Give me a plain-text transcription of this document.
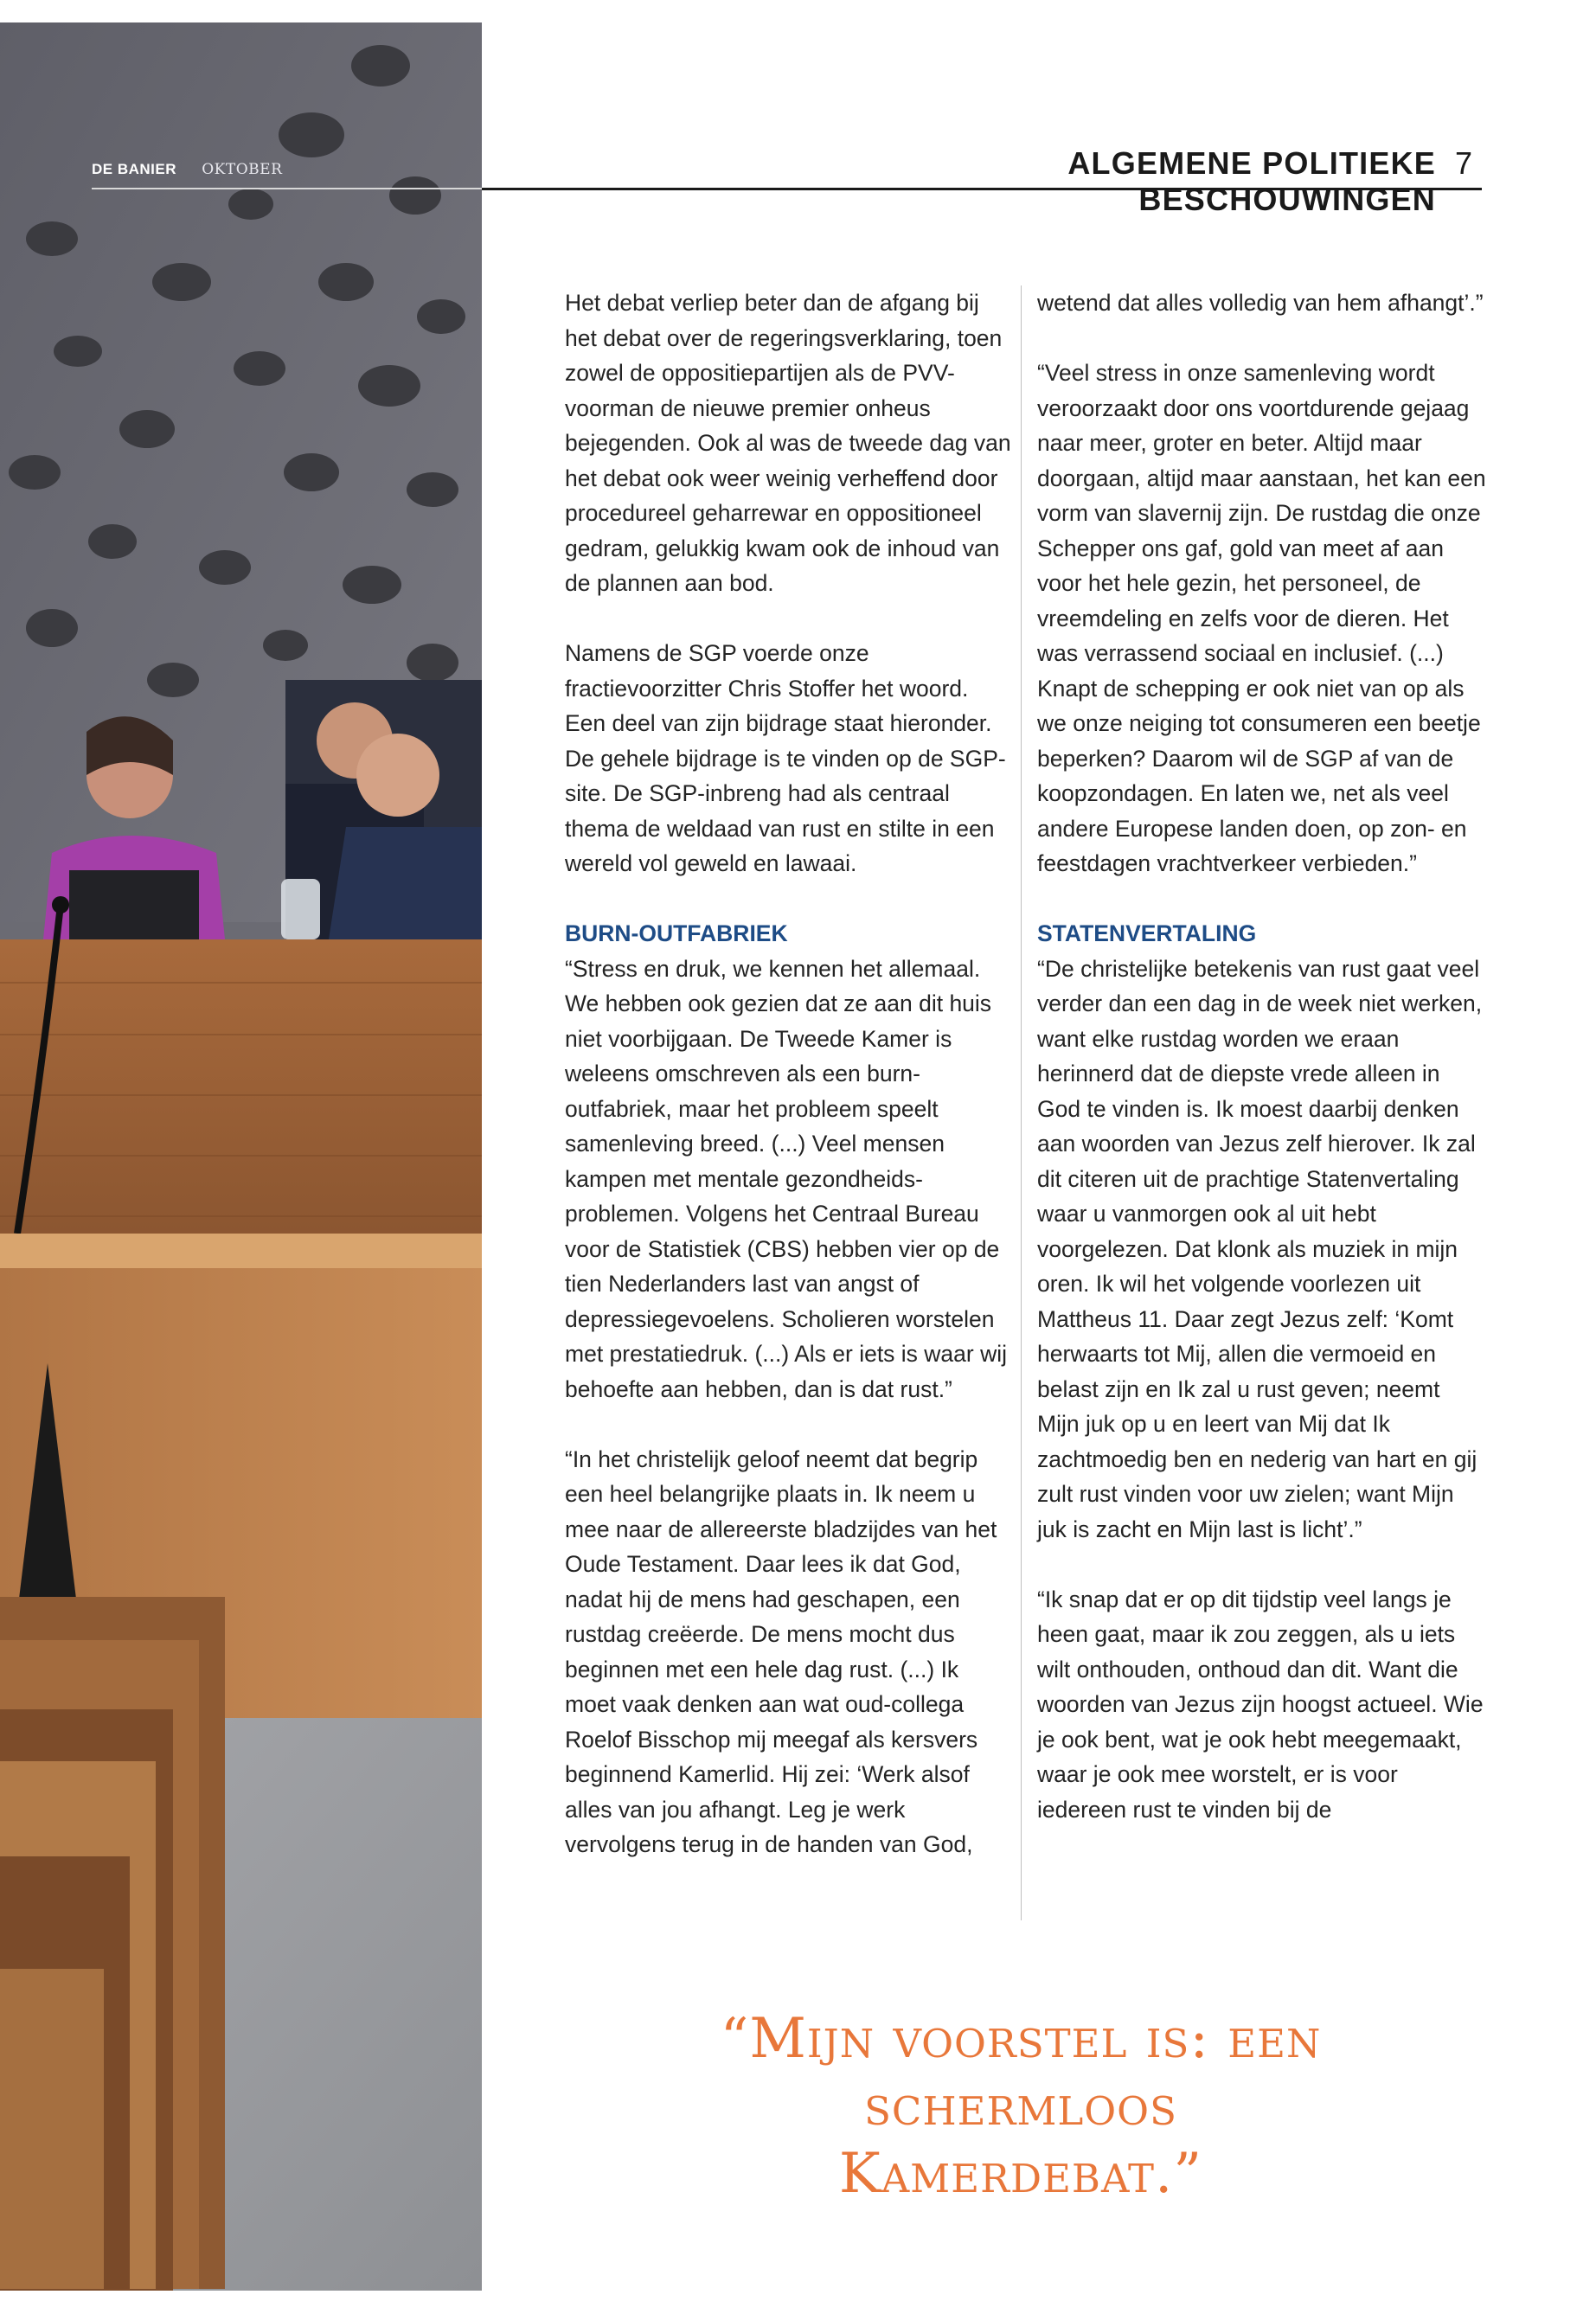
DE BANIER OKTOBER	ALGEMENE POLITIEKE BESCHOUWINGEN
7

Het debat verliep beter dan de afgang bij het debat over de regeringsverklaring, toen zowel de oppositiepartijen als de PVV-voorman de nieuwe premier onheus bejegenden. Ook al was de tweede dag van het debat ook weer weinig verheffend door procedureel geharrewar en oppositioneel gedram, gelukkig kwam ook de inhoud van de plannen aan bod.

Namens de SGP voerde onze fractievoorzitter Chris Stoffer het woord. Een deel van zijn bijdrage staat hieronder. De gehele bijdrage is te vinden op de SGP-site. De SGP-inbreng had als centraal thema de weldaad van rust en stilte in een wereld vol geweld en lawaai.

BURN-OUTFABRIEK

“Stress en druk, we kennen het allemaal. We hebben ook gezien dat ze aan dit huis niet voorbijgaan. De Tweede Kamer is weleens omschreven als een burn-outfabriek, maar het probleem speelt samenleving breed. (...) Veel mensen kampen met mentale gezondheids-problemen. Volgens het Centraal Bureau voor de Statistiek (CBS) hebben vier op de tien Nederlanders last van angst of depressiegevoelens. Scholieren worstelen met prestatiedruk. (...) Als er iets is waar wij behoefte aan hebben, dan is dat rust.”

“In het christelijk geloof neemt dat begrip een heel belangrijke plaats in. Ik neem u mee naar de allereerste bladzijdes van het Oude Testament. Daar lees ik dat God, nadat hij de mens had geschapen, een rustdag creëerde. De mens mocht dus beginnen met een hele dag rust. (...) Ik moet vaak denken aan wat oud-collega Roelof Bisschop mij meegaf als kersvers beginnend Kamerlid. Hij zei: ‘Werk alsof alles van jou afhangt. Leg je werk vervolgens terug in de handen van God,

wetend dat alles volledig van hem afhangt’.”

“Veel stress in onze samenleving wordt veroorzaakt door ons voortdurende gejaag naar meer, groter en beter. Altijd maar doorgaan, altijd maar aanstaan, het kan een vorm van slavernij zijn. De rustdag die onze Schepper ons gaf, gold van meet af aan voor het hele gezin, het personeel, de vreemdeling en zelfs voor de dieren. Het was verrassend sociaal en inclusief. (...) Knapt de schepping er ook niet van op als we onze neiging tot consumeren een beetje beperken? Daarom wil de SGP af van de koopzondagen. En laten we, net als veel andere Europese landen doen, op zon- en feestdagen vrachtverkeer verbieden.”

STATENVERTALING

“De christelijke betekenis van rust gaat veel verder dan een dag in de week niet werken, want elke rustdag worden we eraan herinnerd dat de diepste vrede alleen in God te vinden is. Ik moest daarbij denken aan woorden van Jezus zelf hierover. Ik zal dit citeren uit de prachtige Statenvertaling waar u vanmorgen ook al uit hebt voorgelezen. Dat klonk als muziek in mijn oren. Ik wil het volgende voorlezen uit Mattheus 11. Daar zegt Jezus zelf: ‘Komt herwaarts tot Mij, allen die vermoeid en belast zijn en Ik zal u rust geven; neemt Mijn juk op u en leert van Mij dat Ik zachtmoedig ben en nederig van hart en gij zult rust vinden voor uw zielen; want Mijn juk is zacht en Mijn last is licht’.”

“Ik snap dat er op dit tijdstip veel langs je heen gaat, maar ik zou zeggen, als u iets wilt onthouden, onthoud dan dit. Want die woorden van Jezus zijn hoogst actueel. Wie je ook bent, wat je ook hebt meegemaakt, waar je ook mee worstelt, er is voor iedereen rust te vinden bij de

“Mijn voorstel is: een
schermloos Kamerdebat.”
